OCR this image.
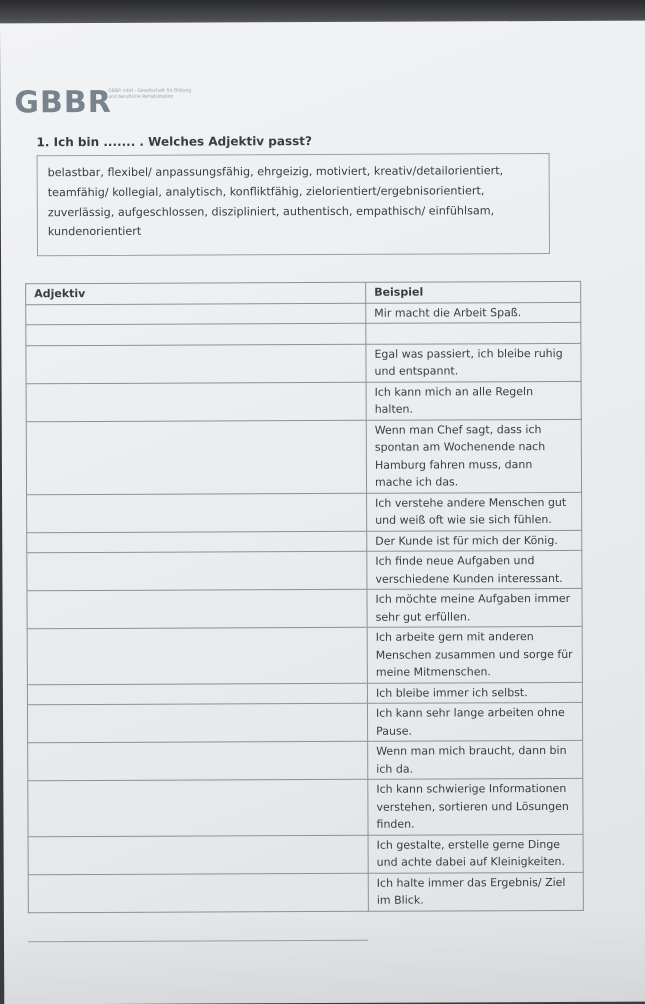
GBBR
GBBR mbH · Gesellschaft für Bildung und berufliche Rehabilitation
1. Ich bin ....... . Welches Adjektiv passt?
belastbar, flexibel/ anpassungsfähig, ehrgeizig, motiviert, kreativ/detailorientiert, teamfähig/ kollegial, analytisch, konfliktfähig, zielorientiert/ergebnisorientiert, zuverlässig, aufgeschlossen, diszipliniert, authentisch, empathisch/ einfühlsam, kundenorientiert
Adjektiv	Beispiel
	Mir macht die Arbeit Spaß.

	Egal was passiert, ich bleibe ruhig und entspannt.
	Ich kann mich an alle Regeln halten.
	Wenn man Chef sagt, dass ich spontan am Wochenende nach Hamburg fahren muss, dann mache ich das.
	Ich verstehe andere Menschen gut und weiß oft wie sie sich fühlen.
	Der Kunde ist für mich der König.
	Ich finde neue Aufgaben und verschiedene Kunden interessant.
	Ich möchte meine Aufgaben immer sehr gut erfüllen.
	Ich arbeite gern mit anderen Menschen zusammen und sorge für meine Mitmenschen.
	Ich bleibe immer ich selbst.
	Ich kann sehr lange arbeiten ohne Pause.
	Wenn man mich braucht, dann bin ich da.
	Ich kann schwierige Informationen verstehen, sortieren und Lösungen finden.
	Ich gestalte, erstelle gerne Dinge und achte dabei auf Kleinigkeiten.
	Ich halte immer das Ergebnis/ Ziel im Blick.
